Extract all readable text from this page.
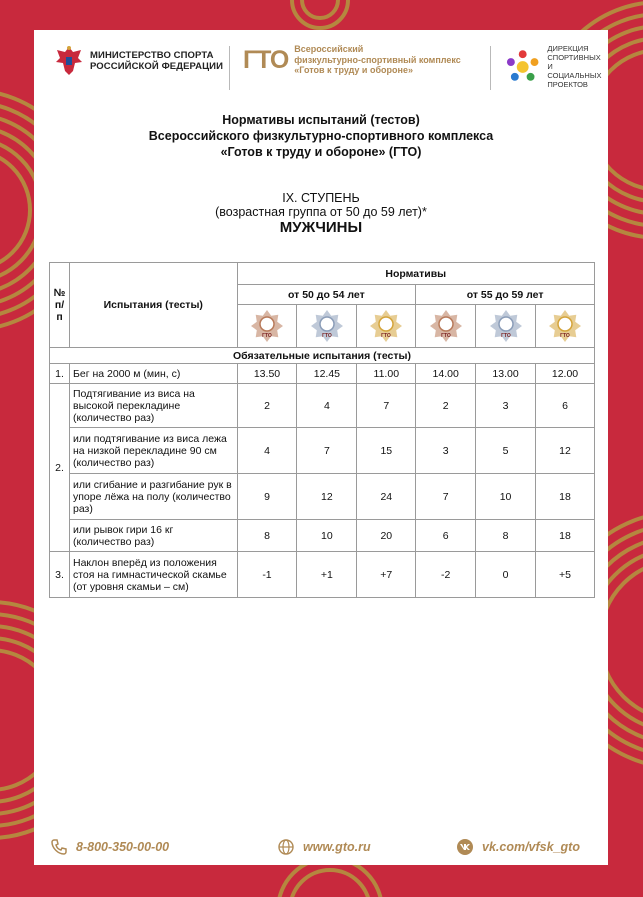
МИНИСТЕРСТВО СПОРТА
РОССИЙСКОЙ ФЕДЕРАЦИИ ГТО Всероссийский
физкультурно-спортивный комплекс
«Готов к труду и обороне»
ДИРЕКЦИЯ
СПОРТИВНЫХ
И СОЦИАЛЬНЫХ
ПРОЕКТОВ
Нормативы испытаний (тестов)
Всероссийского физкультурно-спортивного комплекса
«Готов к труду и обороне» (ГТО)
IX. СТУПЕНЬ
(возрастная группа от 50 до 59 лет)*
МУЖЧИНЫ
№ п/п	Испытания (тесты)	Нормативы					
		от 50 до 54 лет			от 55 до 59 лет		

ГТО	ГТО	ГТО	ГТО	ГТО	ГТО

Обязательные испытания (тесты)							
1.	Бег на 2000 м (мин, с)	13.50	12.45	11.00	14.00	13.00	12.00
2.	Подтягивание из виса на высокой перекладине (количество раз)	2	4	7	2	3	6
	или подтягивание из виса лежа на низкой перекладине 90 см (количество раз)	4	7	15	3	5	12
	или сгибание и разгибание рук в упоре лёжа на полу (количество раз)	9	12	24	7	10	18
	или рывок гири 16 кг (количество раз)	8	10	20	6	8	18
3.	Наклон вперёд из положения стоя на гимнастической скамье (от уровня скамьи – см)	-1	+1	+7	-2	0	+5
8-800-350-00-00	www.gto.ru	vk.com/vfsk_gto
